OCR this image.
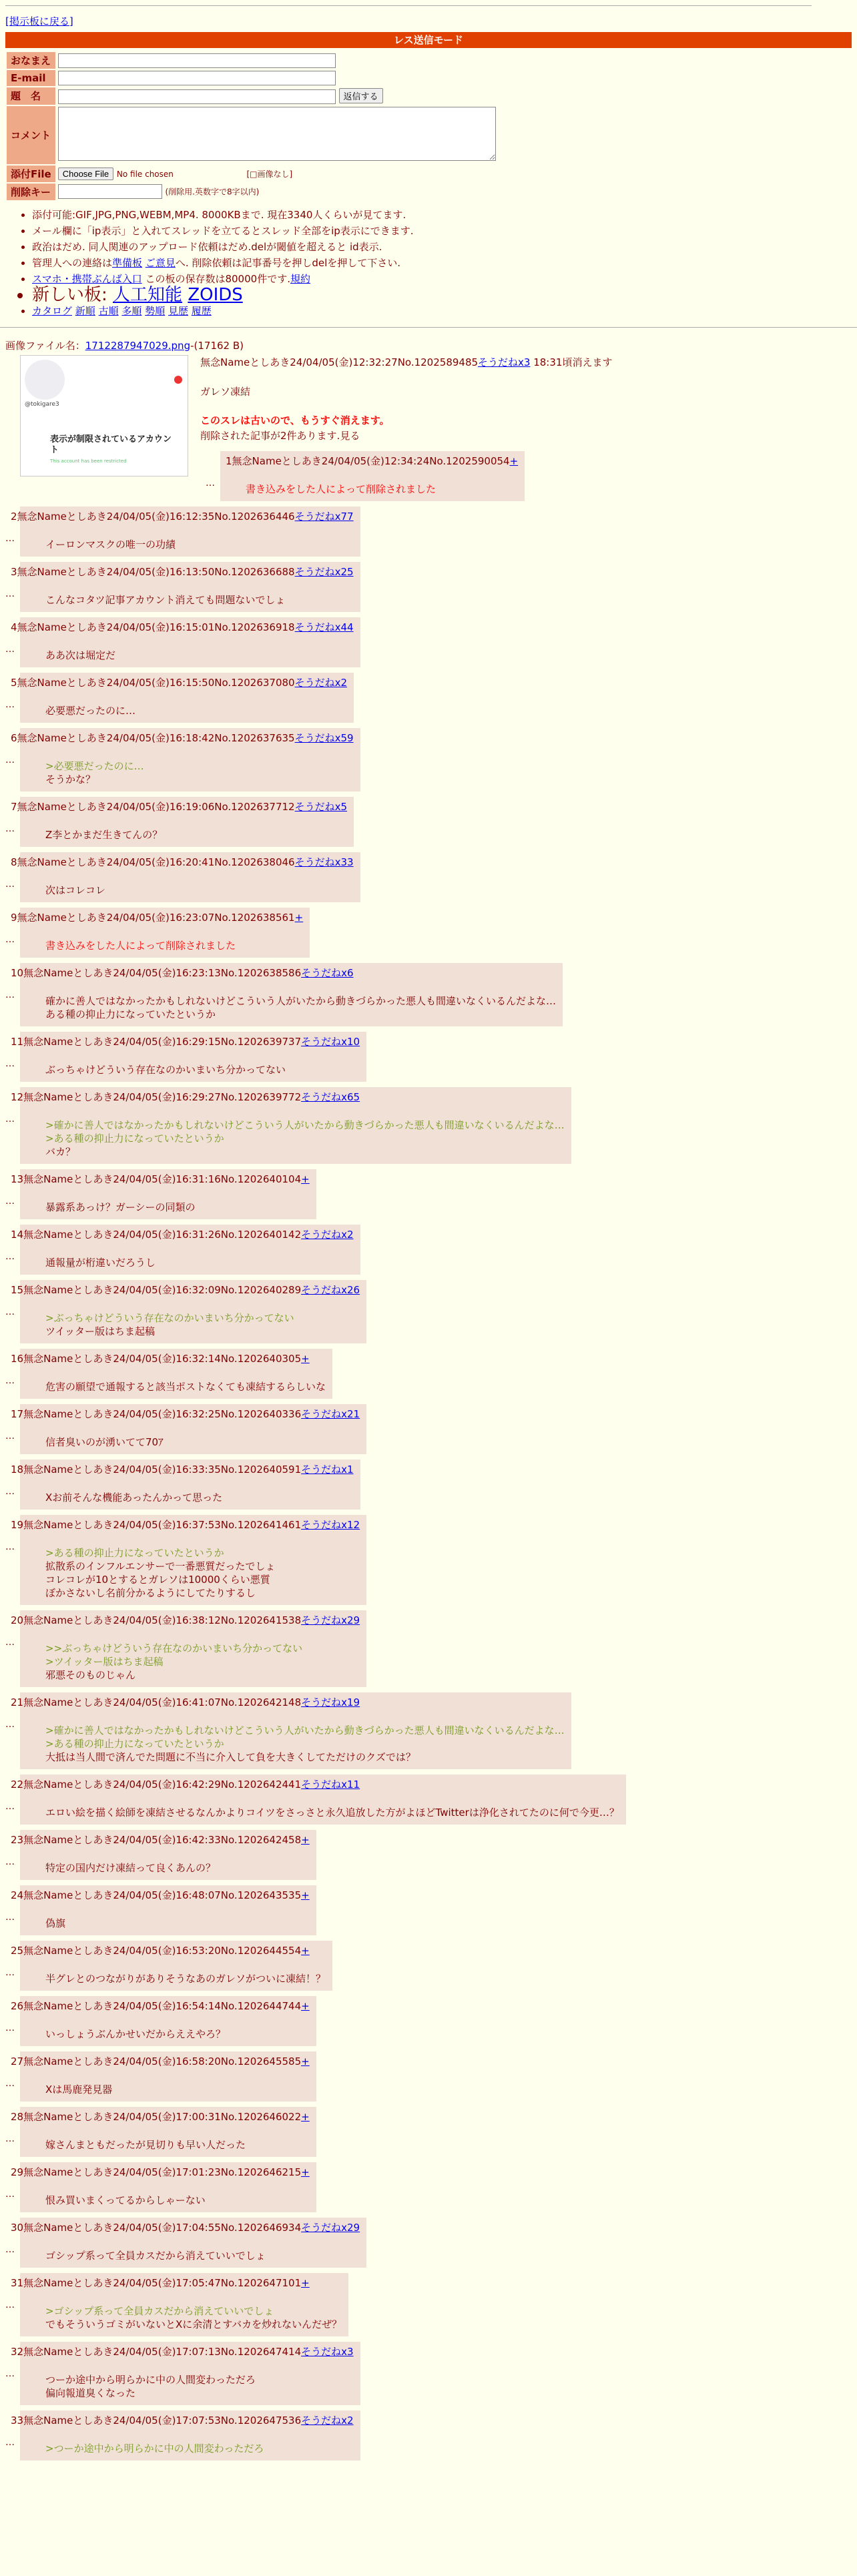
[掲示板に戻る]
レス送信モード
おなまえ	
E-mail	
題　名	返信する
コメント	
添付File	Choose File No file chosen [□画像なし]
削除キー	(削除用.英数字で8字以内)
• 添付可能:GIF,JPG,PNG,WEBM,MP4. 8000KBまで. 現在3340人くらいが見てます.
• メール欄に「ip表示」と入れてスレッドを立てるとスレッド全部をip表示にできます.
• 政治はだめ. 同人関連のアップロード依頼はだめ.delが閾値を超えると id表示.
• 管理人への連絡は準備板 ご意見へ. 削除依頼は記事番号を押しdelを押して下さい.
• スマホ・携帯ぶんば入口 この板の保存数は80000件です.規約
• 新しい板: 人工知能 ZOIDS
• カタログ 新順 古順 多順 勢順 見歴 履歴
画像ファイル名：1712287947029.png-(17162 B)
@tokigare3
表示が制限されているアカウント
This account has been restricted
無念Nameとしあき24/04/05(金)12:32:27No.1202589485そうだねx3 18:31頃消えます
ガレソ凍結
このスレは古いので、もうすぐ消えます。
削除された記事が2件あります.見る
…
1無念Nameとしあき24/04/05(金)12:34:24No.1202590054+
書き込みをした人によって削除されました
…
2無念Nameとしあき24/04/05(金)16:12:35No.1202636446そうだねx77
イーロンマスクの唯一の功績
…
3無念Nameとしあき24/04/05(金)16:13:50No.1202636688そうだねx25
こんなコタツ記事アカウント消えても問題ないでしょ
…
4無念Nameとしあき24/04/05(金)16:15:01No.1202636918そうだねx44
ああ次は堀定だ
…
5無念Nameとしあき24/04/05(金)16:15:50No.1202637080そうだねx2
必要悪だったのに…
…
6無念Nameとしあき24/04/05(金)16:18:42No.1202637635そうだねx59
>必要悪だったのに…
そうかな？
…
7無念Nameとしあき24/04/05(金)16:19:06No.1202637712そうだねx5
Z李とかまだ生きてんの？
…
8無念Nameとしあき24/04/05(金)16:20:41No.1202638046そうだねx33
次はコレコレ
…
9無念Nameとしあき24/04/05(金)16:23:07No.1202638561+
書き込みをした人によって削除されました
…
10無念Nameとしあき24/04/05(金)16:23:13No.1202638586そうだねx6
確かに善人ではなかったかもしれないけどこういう人がいたから動きづらかった悪人も間違いなくいるんだよな…
ある種の抑止力になっていたというか
…
11無念Nameとしあき24/04/05(金)16:29:15No.1202639737そうだねx10
ぶっちゃけどういう存在なのかいまいち分かってない
…
12無念Nameとしあき24/04/05(金)16:29:27No.1202639772そうだねx65
>確かに善人ではなかったかもしれないけどこういう人がいたから動きづらかった悪人も間違いなくいるんだよな…
>ある種の抑止力になっていたというか
バカ？
…
13無念Nameとしあき24/04/05(金)16:31:16No.1202640104+
暴露系あっけ？ガーシーの同類の
…
14無念Nameとしあき24/04/05(金)16:31:26No.1202640142そうだねx2
通報量が桁違いだろうし
…
15無念Nameとしあき24/04/05(金)16:32:09No.1202640289そうだねx26
>ぶっちゃけどういう存在なのかいまいち分かってない
ツイッター版はちま起稿
…
16無念Nameとしあき24/04/05(金)16:32:14No.1202640305+
危害の願望で通報すると該当ポストなくても凍結するらしいな
…
17無念Nameとしあき24/04/05(金)16:32:25No.1202640336そうだねx21
信者臭いのが湧いてて70ｱ
…
18無念Nameとしあき24/04/05(金)16:33:35No.1202640591そうだねx1
Xお前そんな機能あったんかって思った
…
19無念Nameとしあき24/04/05(金)16:37:53No.1202641461そうだねx12
>ある種の抑止力になっていたというか
拡散系のインフルエンサーで一番悪質だったでしょ
コレコレが10とするとガレソは10000くらい悪質
ぼかさないし名前分かるようにしてたりするし
…
20無念Nameとしあき24/04/05(金)16:38:12No.1202641538そうだねx29
>>ぶっちゃけどういう存在なのかいまいち分かってない
>ツイッター版はちま起稿
邪悪そのものじゃん
…
21無念Nameとしあき24/04/05(金)16:41:07No.1202642148そうだねx19
>確かに善人ではなかったかもしれないけどこういう人がいたから動きづらかった悪人も間違いなくいるんだよな…
>ある種の抑止力になっていたというか
大抵は当人間で済んでた問題に不当に介入して負を大きくしてただけのクズでは？
…
22無念Nameとしあき24/04/05(金)16:42:29No.1202642441そうだねx11
エロい絵を描く絵師を凍結させるなんかよりコイツをさっさと永久追放した方がよほどTwitterは浄化されてたのに何で今更…？
…
23無念Nameとしあき24/04/05(金)16:42:33No.1202642458+
特定の国内だけ凍結って良くあんの？
…
24無念Nameとしあき24/04/05(金)16:48:07No.1202643535+
偽旗
…
25無念Nameとしあき24/04/05(金)16:53:20No.1202644554+
半グレとのつながりがありそうなあのガレソがついに凍結！？
…
26無念Nameとしあき24/04/05(金)16:54:14No.1202644744+
いっしょうぶんかせいだからええやろ？
…
27無念Nameとしあき24/04/05(金)16:58:20No.1202645585+
Xは馬鹿発見器
…
28無念Nameとしあき24/04/05(金)17:00:31No.1202646022+
嫁さんまともだったが見切りも早い人だった
…
29無念Nameとしあき24/04/05(金)17:01:23No.1202646215+
恨み買いまくってるからしゃーない
…
30無念Nameとしあき24/04/05(金)17:04:55No.1202646934そうだねx29
ゴシップ系って全員カスだから消えていいでしょ
…
31無念Nameとしあき24/04/05(金)17:05:47No.1202647101+
>ゴシップ系って全員カスだから消えていいでしょ
でもそういうゴミがいないとXに余清とすバカを炒れないんだぜ？
…
32無念Nameとしあき24/04/05(金)17:07:13No.1202647414そうだねx3
つーか途中から明らかに中の人間変わっただろ
偏向報道臭くなった
…
33無念Nameとしあき24/04/05(金)17:07:53No.1202647536そうだねx2
>つーか途中から明らかに中の人間変わっただろ
